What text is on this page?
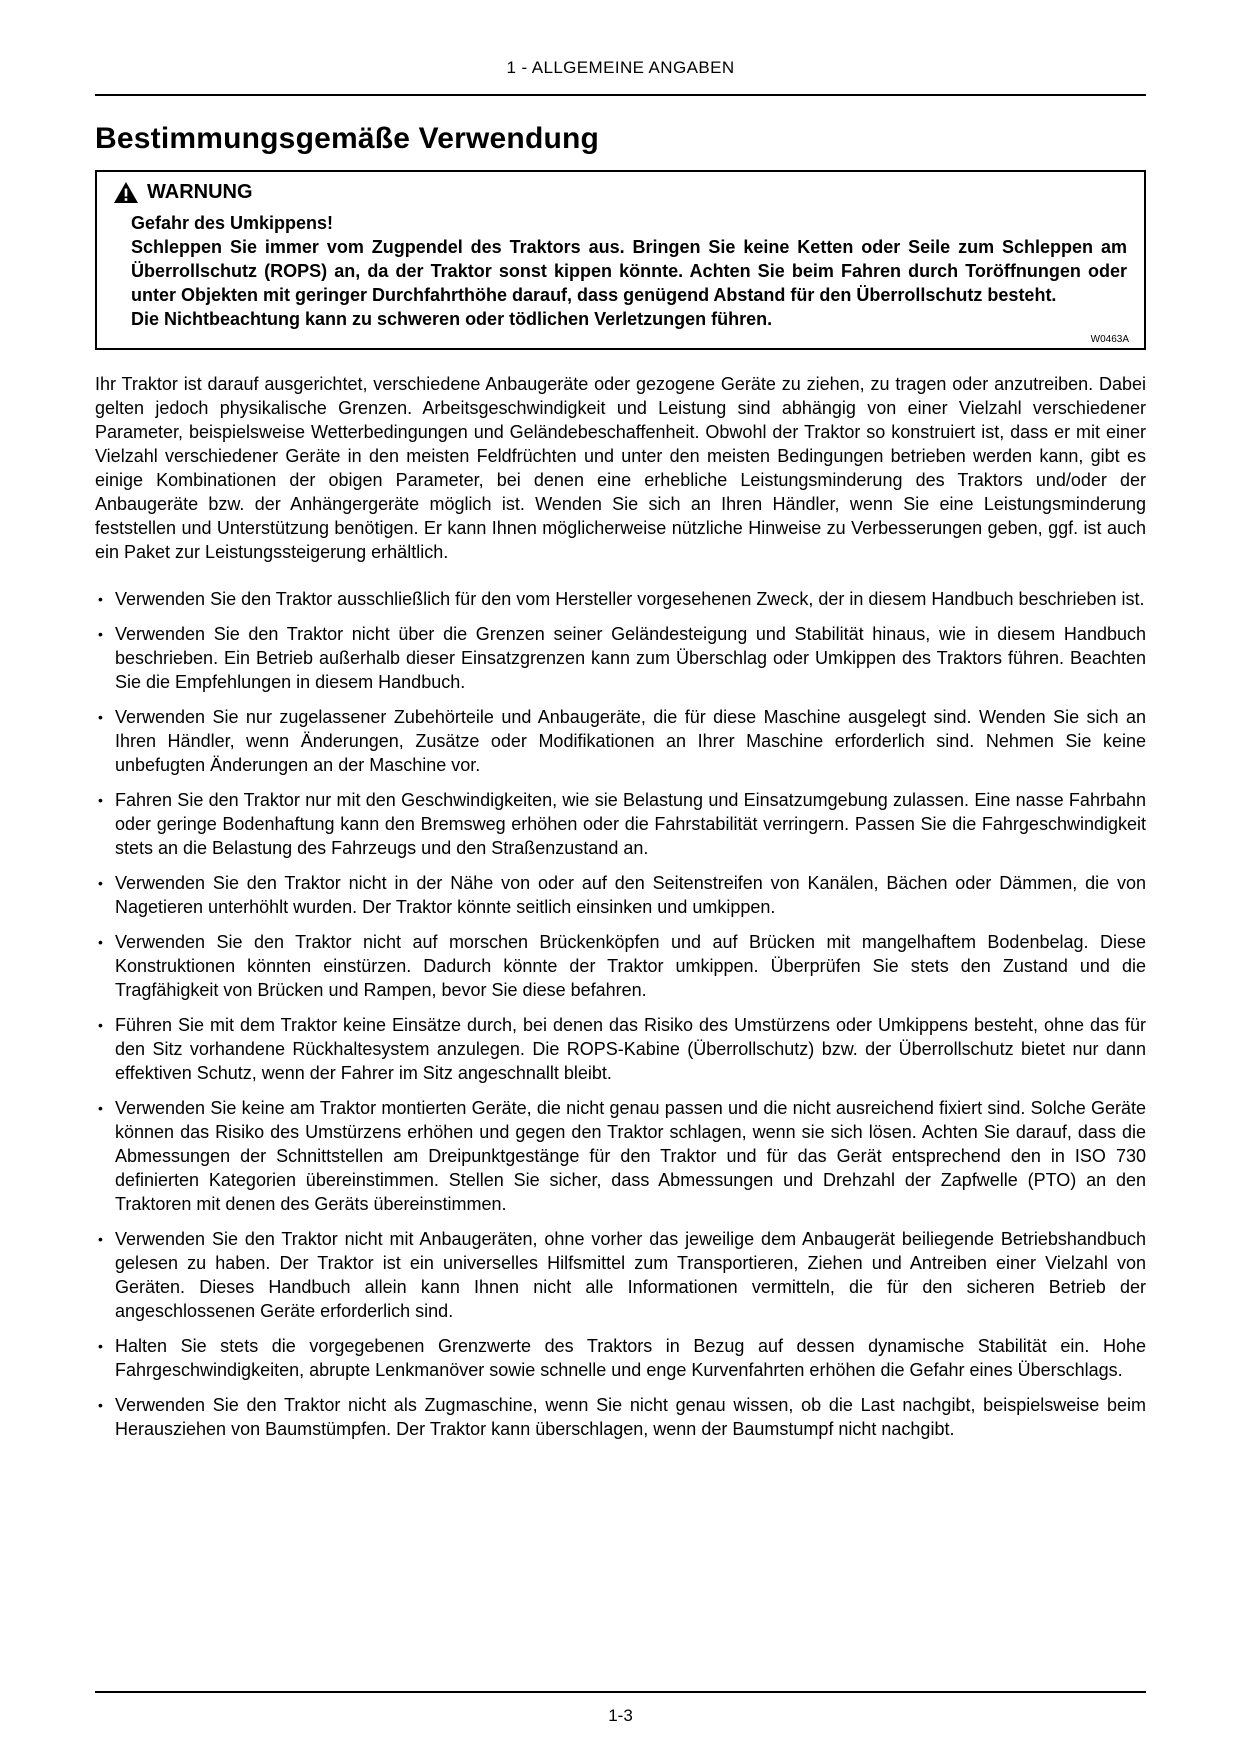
1 - ALLGEMEINE ANGABEN
Bestimmungsgemäße Verwendung
WARNUNG

Gefahr des Umkippens!

Schleppen Sie immer vom Zugpendel des Traktors aus. Bringen Sie keine Ketten oder Seile zum Schleppen am Überrollschutz (ROPS) an, da der Traktor sonst kippen könnte. Achten Sie beim Fahren durch Toröffnungen oder unter Objekten mit geringer Durchfahrthöhe darauf, dass genügend Abstand für den Überrollschutz besteht.

Die Nichtbeachtung kann zu schweren oder tödlichen Verletzungen führen.

W0463A

Ihr Traktor ist darauf ausgerichtet, verschiedene Anbaugeräte oder gezogene Geräte zu ziehen, zu tragen oder anzutreiben. Dabei gelten jedoch physikalische Grenzen. Arbeitsgeschwindigkeit und Leistung sind abhängig von einer Vielzahl verschiedener Parameter, beispielsweise Wetterbedingungen und Geländebeschaffenheit. Obwohl der Traktor so konstruiert ist, dass er mit einer Vielzahl verschiedener Geräte in den meisten Feldfrüchten und unter den meisten Bedingungen betrieben werden kann, gibt es einige Kombinationen der obigen Parameter, bei denen eine erhebliche Leistungsminderung des Traktors und/oder der Anbaugeräte bzw. der Anhängergeräte möglich ist. Wenden Sie sich an Ihren Händler, wenn Sie eine Leistungsminderung feststellen und Unterstützung benötigen. Er kann Ihnen möglicherweise nützliche Hinweise zu Verbesserungen geben, ggf. ist auch ein Paket zur Leistungssteigerung erhältlich.

• Verwenden Sie den Traktor ausschließlich für den vom Hersteller vorgesehenen Zweck, der in diesem Handbuch beschrieben ist.
• Verwenden Sie den Traktor nicht über die Grenzen seiner Geländesteigung und Stabilität hinaus, wie in diesem Handbuch beschrieben. Ein Betrieb außerhalb dieser Einsatzgrenzen kann zum Überschlag oder Umkippen des Traktors führen. Beachten Sie die Empfehlungen in diesem Handbuch.
• Verwenden Sie nur zugelassener Zubehörteile und Anbaugeräte, die für diese Maschine ausgelegt sind. Wenden Sie sich an Ihren Händler, wenn Änderungen, Zusätze oder Modifikationen an Ihrer Maschine erforderlich sind. Nehmen Sie keine unbefugten Änderungen an der Maschine vor.
• Fahren Sie den Traktor nur mit den Geschwindigkeiten, wie sie Belastung und Einsatzumgebung zulassen. Eine nasse Fahrbahn oder geringe Bodenhaftung kann den Bremsweg erhöhen oder die Fahrstabilität verringern. Passen Sie die Fahrgeschwindigkeit stets an die Belastung des Fahrzeugs und den Straßenzustand an.
• Verwenden Sie den Traktor nicht in der Nähe von oder auf den Seitenstreifen von Kanälen, Bächen oder Dämmen, die von Nagetieren unterhöhlt wurden. Der Traktor könnte seitlich einsinken und umkippen.
• Verwenden Sie den Traktor nicht auf morschen Brückenköpfen und auf Brücken mit mangelhaftem Bodenbelag. Diese Konstruktionen könnten einstürzen. Dadurch könnte der Traktor umkippen. Überprüfen Sie stets den Zustand und die Tragfähigkeit von Brücken und Rampen, bevor Sie diese befahren.
• Führen Sie mit dem Traktor keine Einsätze durch, bei denen das Risiko des Umstürzens oder Umkippens besteht, ohne das für den Sitz vorhandene Rückhaltesystem anzulegen. Die ROPS-Kabine (Überrollschutz) bzw. der Überrollschutz bietet nur dann effektiven Schutz, wenn der Fahrer im Sitz angeschnallt bleibt.
• Verwenden Sie keine am Traktor montierten Geräte, die nicht genau passen und die nicht ausreichend fixiert sind. Solche Geräte können das Risiko des Umstürzens erhöhen und gegen den Traktor schlagen, wenn sie sich lösen. Achten Sie darauf, dass die Abmessungen der Schnittstellen am Dreipunktgestänge für den Traktor und für das Gerät entsprechend den in ISO 730 definierten Kategorien übereinstimmen. Stellen Sie sicher, dass Abmessungen und Drehzahl der Zapfwelle (PTO) an den Traktoren mit denen des Geräts übereinstimmen.
• Verwenden Sie den Traktor nicht mit Anbaugeräten, ohne vorher das jeweilige dem Anbaugerät beiliegende Betriebshandbuch gelesen zu haben. Der Traktor ist ein universelles Hilfsmittel zum Transportieren, Ziehen und Antreiben einer Vielzahl von Geräten. Dieses Handbuch allein kann Ihnen nicht alle Informationen vermitteln, die für den sicheren Betrieb der angeschlossenen Geräte erforderlich sind.
• Halten Sie stets die vorgegebenen Grenzwerte des Traktors in Bezug auf dessen dynamische Stabilität ein. Hohe Fahrgeschwindigkeiten, abrupte Lenkmanöver sowie schnelle und enge Kurvenfahrten erhöhen die Gefahr eines Überschlags.
• Verwenden Sie den Traktor nicht als Zugmaschine, wenn Sie nicht genau wissen, ob die Last nachgibt, beispielsweise beim Herausziehen von Baumstümpfen. Der Traktor kann überschlagen, wenn der Baumstumpf nicht nachgibt.
1-3
